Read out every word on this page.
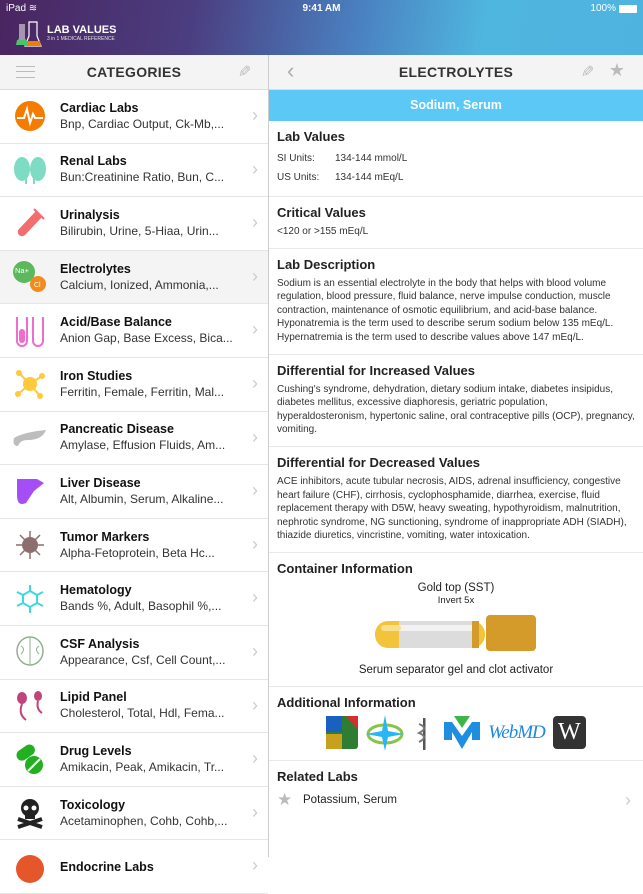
iPad ≋	9:41 AM	100%
LAB VALUES
3 in 1 MEDICAL REFERENCE
CATEGORIES	✎ ‹	ELECTROLYTES	✎ ★
Cardiac Labs
Bnp, Cardiac Output, Ck-Mb,...	›
Renal Labs
Bun:Creatinine Ratio, Bun, C...	›
Urinalysis
Bilirubin, Urine, 5-Hiaa, Urin...	›
Na+
Cl
Electrolytes
Calcium, Ionized, Ammonia,...	›
Acid/Base Balance
Anion Gap, Base Excess, Bica...	›
Iron Studies
Ferritin, Female, Ferritin, Mal...	›
Pancreatic Disease
Amylase, Effusion Fluids, Am...	›
Liver Disease
Alt, Albumin, Serum, Alkaline...	›
Tumor Markers
Alpha-Fetoprotein, Beta Hc...	›
Hematology
Bands %, Adult, Basophil %,...	›
CSF Analysis
Appearance, Csf, Cell Count,...	›
Lipid Panel
Cholesterol, Total, Hdl, Fema...	›
Drug Levels
Amikacin, Peak, Amikacin, Tr...	›
Toxicology
Acetaminophen, Cohb, Cohb,...	›
Endocrine Labs	›
Sodium, Serum
Lab Values
SI Units:	134-144 mmol/L
US Units:	134-144 mEq/L
Critical Values
<120 or >155 mEq/L
Lab Description
Sodium is an essential electrolyte in the body that helps with blood volume regulation, blood pressure, fluid balance, nerve impulse conduction, muscle contraction, maintenance of osmotic equilibrium, and acid-base balance. Hyponatremia is the term used to describe serum sodium below 135 mEq/L. Hypernatremia is the term used to describe values above 147 mEq/L.
Differential for Increased Values
Cushing's syndrome, dehydration, dietary sodium intake, diabetes insipidus, diabetes mellitus, excessive diaphoresis, geriatric population, hyperaldosteronism, hypertonic saline, oral contraceptive pills (OCP), pregnancy, vomiting.
Differential for Decreased Values
ACE inhibitors, acute tubular necrosis, AIDS, adrenal insufficiency, congestive heart failure (CHF), cirrhosis, cyclophosphamide, diarrhea, exercise, fluid replacement therapy with D5W, heavy sweating, hypothyroidism, malnutrition, nephrotic syndrome, NG sunctioning, syndrome of inappropriate ADH (SIADH), thiazide diuretics, vincristine, vomiting, water intoxication.
Container Information
Gold top (SST)
Invert 5x
Serum separator gel and clot activator
Additional Information
WebMD W
Related Labs
★ Potassium, Serum	›
